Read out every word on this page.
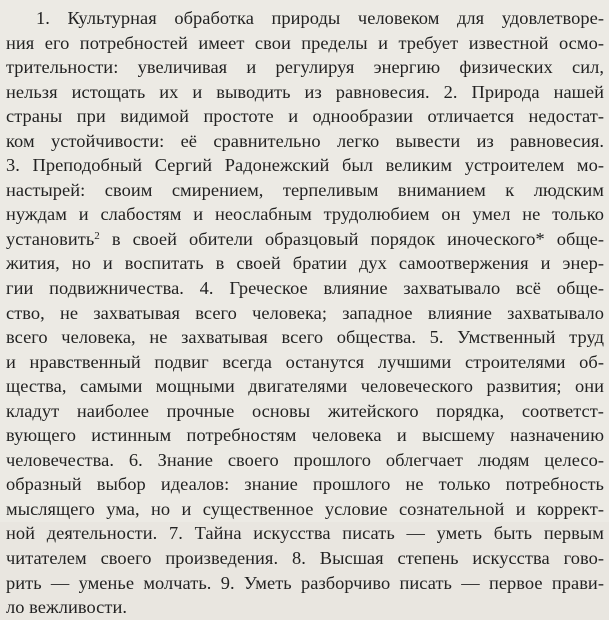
1. Культурная обработка природы человеком для удовлетворе-
ния его потребностей имеет свои пределы и требует известной осмо-
трительности: увеличивая и регулируя энергию физических сил,
нельзя истощать их и выводить из равновесия. 2. Природа нашей
страны при видимой простоте и однообразии отличается недостат-
ком устойчивости: её сравнительно легко вывести из равновесия.
3. Преподобный Сергий Радонежский был великим устроителем мо-
настырей: своим смирением, терпеливым вниманием к людским
нуждам и слабостям и неослабным трудолюбием он умел не только
установить$^2$ в своей обители образцовый порядок иноческого* обще-
жития, но и воспитать в своей братии дух самоотвержения и энер-
гии подвижничества. 4. Греческое влияние захватывало всё обще-
ство, не захватывая всего человека; западное влияние захватывало
всего человека, не захватывая всего общества. 5. Умственный труд
и нравственный подвиг всегда останутся лучшими строителями об-
щества, самыми мощными двигателями человеческого развития; они
кладут наиболее прочные основы житейского порядка, соответст-
вующего истинным потребностям человека и высшему назначению
человечества. 6. Знание своего прошлого облегчает людям целесо-
образный выбор идеалов: знание прошлого не только потребность
мыслящего ума, но и существенное условие сознательной и коррект-
ной деятельности. 7. Тайна искусства писать — уметь быть первым
читателем своего произведения. 8. Высшая степень искусства гово-
рить — уменье молчать. 9. Уметь разборчиво писать — первое прави-
ло вежливости.
